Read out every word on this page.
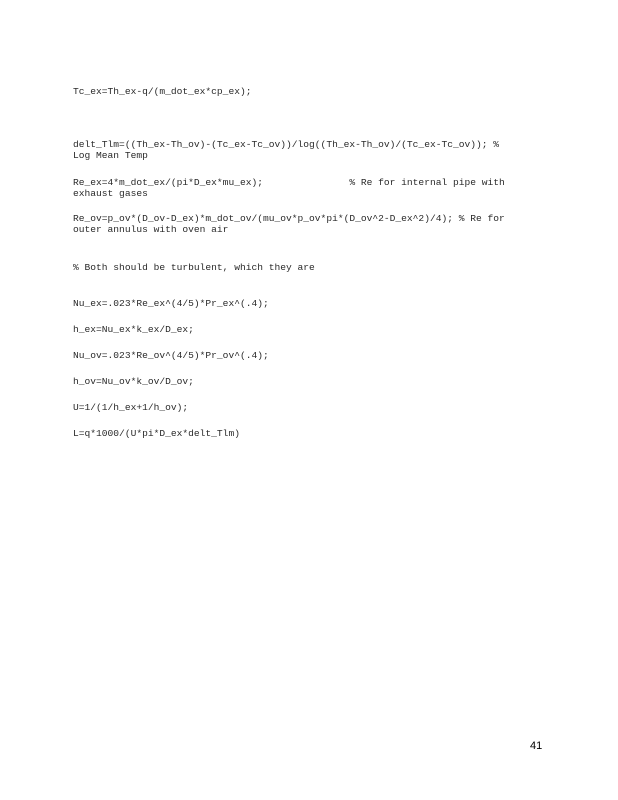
Tc_ex=Th_ex-q/(m_dot_ex*cp_ex);
delt_Tlm=((Th_ex-Th_ov)-(Tc_ex-Tc_ov))/log((Th_ex-Th_ov)/(Tc_ex-Tc_ov)); %
Log Mean Temp
Re_ex=4*m_dot_ex/(pi*D_ex*mu_ex);               % Re for internal pipe with
exhaust gases
Re_ov=p_ov*(D_ov-D_ex)*m_dot_ov/(mu_ov*p_ov*pi*(D_ov^2-D_ex^2)/4); % Re for
outer annulus with oven air
% Both should be turbulent, which they are
Nu_ex=.023*Re_ex^(4/5)*Pr_ex^(.4);
h_ex=Nu_ex*k_ex/D_ex;
Nu_ov=.023*Re_ov^(4/5)*Pr_ov^(.4);
h_ov=Nu_ov*k_ov/D_ov;
U=1/(1/h_ex+1/h_ov);
L=q*1000/(U*pi*D_ex*delt_Tlm)
41
